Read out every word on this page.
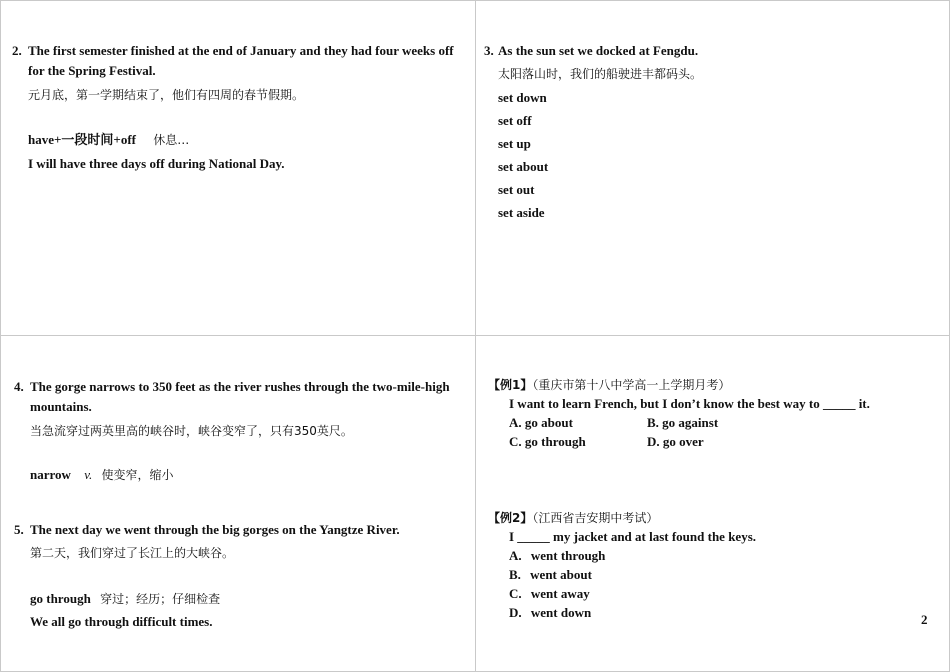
2. The first semester finished at the end of January and they had four weeks off
for the Spring Festival.
元月底，第一学期结束了，他们有四周的春节假期。
have+一段时间+off 休息…
I will have three days off during National Day.
3. As the sun set we docked at Fengdu.
太阳落山时，我们的船驶进丰都码头。
set down
set off
set up
set about
set out
set aside
4. The gorge narrows to 350 feet as the river rushes through the two-mile-high
mountains.
当急流穿过两英里高的峡谷时，峡谷变窄了，只有350英尺。
narrow v. 使变窄，缩小
5. The next day we went through the big gorges on the Yangtze River.
第二天，我们穿过了长江上的大峡谷。
go through 穿过；经历；仔细检查
We all go through difficult times.
【例1】（重庆市第十八中学高一上学期月考）
I want to learn French, but I don’t know the best way to _____ it.
A. go about	B. go against
C. go through	D. go over
【例2】（江西省吉安期中考试）
I _____ my jacket and at last found the keys.
A. went through
B. went about
C. went away
D. went down	2
